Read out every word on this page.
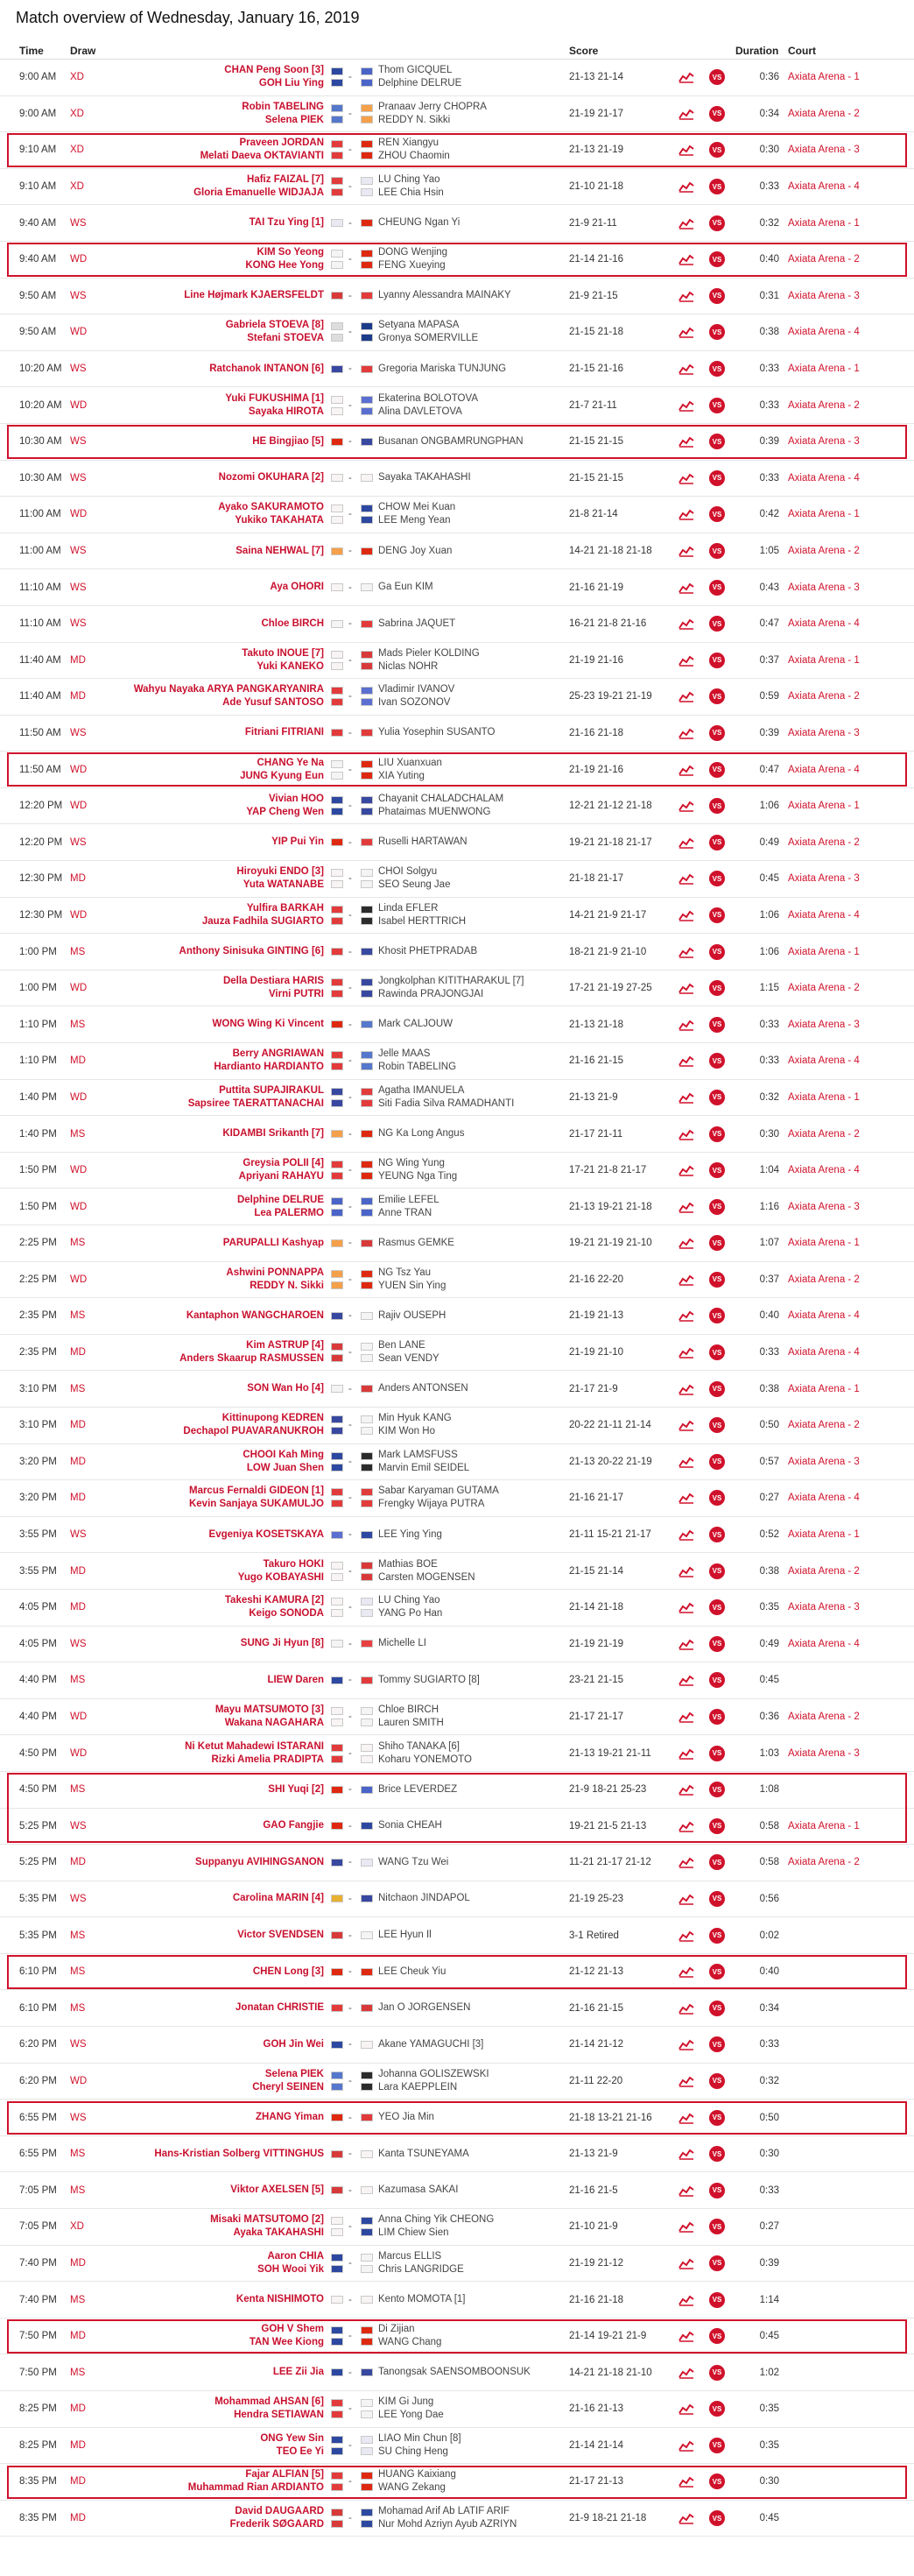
Match overview of Wednesday, January 16, 2019
Time	Draw	Score	Duration Court
9:00 AM XD
CHAN Peng Soon [3]
GOH Liu Ying
-
Thom GICQUEL
Delphine DELRUE
21-13 21-14	VS	0:36 Axiata Arena - 1
9:00 AM XD
Robin TABELING
Selena PIEK
-
Pranaav Jerry CHOPRA
REDDY N. Sikki
21-19 21-17	VS	0:34 Axiata Arena - 2
9:10 AM XD
Praveen JORDAN
Melati Daeva OKTAVIANTI
-
REN Xiangyu
ZHOU Chaomin
21-13 21-19	VS	0:30 Axiata Arena - 3
9:10 AM XD
Hafiz FAIZAL [7]
Gloria Emanuelle WIDJAJA
-
LU Ching Yao
LEE Chia Hsin
21-10 21-18	VS	0:33 Axiata Arena - 4
9:40 AM WS	TAI Tzu Ying [1] -	CHEUNG Ngan Yi	21-9 21-11	VS	0:32 Axiata Arena - 1
9:40 AM WD
KIM So Yeong
KONG Hee Yong
-
DONG Wenjing
FENG Xueying
21-14 21-16	VS	0:40 Axiata Arena - 2
9:50 AM WS	Line Højmark KJAERSFELDT -	Lyanny Alessandra MAINAKY	21-9 21-15	VS	0:31 Axiata Arena - 3
9:50 AM WD
Gabriela STOEVA [8]
Stefani STOEVA
-
Setyana MAPASA
Gronya SOMERVILLE
21-15 21-18	VS	0:38 Axiata Arena - 4
10:20 AM WS	Ratchanok INTANON [6] -	Gregoria Mariska TUNJUNG	21-15 21-16	VS	0:33 Axiata Arena - 1
10:20 AM WD
Yuki FUKUSHIMA [1]
Sayaka HIROTA
-
Ekaterina BOLOTOVA
Alina DAVLETOVA
21-7 21-11	VS	0:33 Axiata Arena - 2
10:30 AM WS	HE Bingjiao [5] -	Busanan ONGBAMRUNGPHAN	21-15 21-15	VS	0:39 Axiata Arena - 3
10:30 AM WS	Nozomi OKUHARA [2] -	Sayaka TAKAHASHI	21-15 21-15	VS	0:33 Axiata Arena - 4
11:00 AM WD
Ayako SAKURAMOTO
Yukiko TAKAHATA
-
CHOW Mei Kuan
LEE Meng Yean
21-8 21-14	VS	0:42 Axiata Arena - 1
11:00 AM WS	Saina NEHWAL [7] -	DENG Joy Xuan	14-21 21-18 21-18	VS	1:05 Axiata Arena - 2
11:10 AM WS	Aya OHORI -	Ga Eun KIM	21-16 21-19	VS	0:43 Axiata Arena - 3
11:10 AM WS	Chloe BIRCH -	Sabrina JAQUET	16-21 21-8 21-16	VS	0:47 Axiata Arena - 4
11:40 AM MD
Takuto INOUE [7]
Yuki KANEKO
-
Mads Pieler KOLDING
Niclas NOHR
21-19 21-16	VS	0:37 Axiata Arena - 1
11:40 AM MD
Wahyu Nayaka ARYA PANGKARYANIRA
Ade Yusuf SANTOSO
-
Vladimir IVANOV
Ivan SOZONOV
25-23 19-21 21-19	VS	0:59 Axiata Arena - 2
11:50 AM WS	Fitriani FITRIANI -	Yulia Yosephin SUSANTO	21-16 21-18	VS	0:39 Axiata Arena - 3
11:50 AM WD
CHANG Ye Na
JUNG Kyung Eun
-
LIU Xuanxuan
XIA Yuting
21-19 21-16	VS	0:47 Axiata Arena - 4
12:20 PM WD
Vivian HOO
YAP Cheng Wen
-
Chayanit CHALADCHALAM
Phataimas MUENWONG
12-21 21-12 21-18	VS	1:06 Axiata Arena - 1
12:20 PM WS	YIP Pui Yin -	Ruselli HARTAWAN	19-21 21-18 21-17	VS	0:49 Axiata Arena - 2
12:30 PM MD
Hiroyuki ENDO [3]
Yuta WATANABE
-
CHOI Solgyu
SEO Seung Jae
21-18 21-17	VS	0:45 Axiata Arena - 3
12:30 PM WD
Yulfira BARKAH
Jauza Fadhila SUGIARTO
-
Linda EFLER
Isabel HERTTRICH
14-21 21-9 21-17	VS	1:06 Axiata Arena - 4
1:00 PM MS	Anthony Sinisuka GINTING [6] -	Khosit PHETPRADAB	18-21 21-9 21-10	VS	1:06 Axiata Arena - 1
1:00 PM WD
Della Destiara HARIS
Virni PUTRI
-
Jongkolphan KITITHARAKUL [7]
Rawinda PRAJONGJAI
17-21 21-19 27-25	VS	1:15 Axiata Arena - 2
1:10 PM MS	WONG Wing Ki Vincent -	Mark CALJOUW	21-13 21-18	VS	0:33 Axiata Arena - 3
1:10 PM MD
Berry ANGRIAWAN
Hardianto HARDIANTO
-
Jelle MAAS
Robin TABELING
21-16 21-15	VS	0:33 Axiata Arena - 4
1:40 PM WD
Puttita SUPAJIRAKUL
Sapsiree TAERATTANACHAI
-
Agatha IMANUELA
Siti Fadia Silva RAMADHANTI
21-13 21-9	VS	0:32 Axiata Arena - 1
1:40 PM MS	KIDAMBI Srikanth [7] -	NG Ka Long Angus	21-17 21-11	VS	0:30 Axiata Arena - 2
1:50 PM WD
Greysia POLII [4]
Apriyani RAHAYU
-
NG Wing Yung
YEUNG Nga Ting
17-21 21-8 21-17	VS	1:04 Axiata Arena - 4
1:50 PM WD
Delphine DELRUE
Lea PALERMO
-
Emilie LEFEL
Anne TRAN
21-13 19-21 21-18	VS	1:16 Axiata Arena - 3
2:25 PM MS	PARUPALLI Kashyap -	Rasmus GEMKE	19-21 21-19 21-10	VS	1:07 Axiata Arena - 1
2:25 PM WD
Ashwini PONNAPPA
REDDY N. Sikki
-
NG Tsz Yau
YUEN Sin Ying
21-16 22-20	VS	0:37 Axiata Arena - 2
2:35 PM MS	Kantaphon WANGCHAROEN -	Rajiv OUSEPH	21-19 21-13	VS	0:40 Axiata Arena - 4
2:35 PM MD
Kim ASTRUP [4]
Anders Skaarup RASMUSSEN
-
Ben LANE
Sean VENDY
21-19 21-10	VS	0:33 Axiata Arena - 4
3:10 PM MS	SON Wan Ho [4] -	Anders ANTONSEN	21-17 21-9	VS	0:38 Axiata Arena - 1
3:10 PM MD
Kittinupong KEDREN
Dechapol PUAVARANUKROH
-
Min Hyuk KANG
KIM Won Ho
20-22 21-11 21-14	VS	0:50 Axiata Arena - 2
3:20 PM MD
CHOOI Kah Ming
LOW Juan Shen
-
Mark LAMSFUSS
Marvin Emil SEIDEL
21-13 20-22 21-19	VS	0:57 Axiata Arena - 3
3:20 PM MD
Marcus Fernaldi GIDEON [1]
Kevin Sanjaya SUKAMULJO
-
Sabar Karyaman GUTAMA
Frengky Wijaya PUTRA
21-16 21-17	VS	0:27 Axiata Arena - 4
3:55 PM WS	Evgeniya KOSETSKAYA -	LEE Ying Ying	21-11 15-21 21-17	VS	0:52 Axiata Arena - 1
3:55 PM MD
Takuro HOKI
Yugo KOBAYASHI
-
Mathias BOE
Carsten MOGENSEN
21-15 21-14	VS	0:38 Axiata Arena - 2
4:05 PM MD
Takeshi KAMURA [2]
Keigo SONODA
-
LU Ching Yao
YANG Po Han
21-14 21-18	VS	0:35 Axiata Arena - 3
4:05 PM WS	SUNG Ji Hyun [8] -	Michelle LI	21-19 21-19	VS	0:49 Axiata Arena - 4
4:40 PM MS	LIEW Daren -	Tommy SUGIARTO [8]	23-21 21-15	VS	0:45
4:40 PM WD
Mayu MATSUMOTO [3]
Wakana NAGAHARA
-
Chloe BIRCH
Lauren SMITH
21-17 21-17	VS	0:36 Axiata Arena - 2
4:50 PM WD
Ni Ketut Mahadewi ISTARANI
Rizki Amelia PRADIPTA
-
Shiho TANAKA [6]
Koharu YONEMOTO
21-13 19-21 21-11	VS	1:03 Axiata Arena - 3
4:50 PM MS	SHI Yuqi [2] -	Brice LEVERDEZ	21-9 18-21 25-23	VS	1:08
5:25 PM WS	GAO Fangjie -	Sonia CHEAH	19-21 21-5 21-13	VS	0:58 Axiata Arena - 1
5:25 PM MD	Suppanyu AVIHINGSANON -	WANG Tzu Wei	11-21 21-17 21-12	VS	0:58 Axiata Arena - 2
5:35 PM WS	Carolina MARIN [4] -	Nitchaon JINDAPOL	21-19 25-23	VS	0:56
5:35 PM MS	Victor SVENDSEN -	LEE Hyun Il	3-1 Retired	VS	0:02
6:10 PM MS	CHEN Long [3] -	LEE Cheuk Yiu	21-12 21-13	VS	0:40
6:10 PM MS	Jonatan CHRISTIE -	Jan O JORGENSEN	21-16 21-15	VS	0:34
6:20 PM WS	GOH Jin Wei -	Akane YAMAGUCHI [3]	21-14 21-12	VS	0:33
6:20 PM WD
Selena PIEK
Cheryl SEINEN
-
Johanna GOLISZEWSKI
Lara KAEPPLEIN
21-11 22-20	VS	0:32
6:55 PM WS	ZHANG Yiman -	YEO Jia Min	21-18 13-21 21-16	VS	0:50
6:55 PM MS	Hans-Kristian Solberg VITTINGHUS -	Kanta TSUNEYAMA	21-13 21-9	VS	0:30
7:05 PM MS	Viktor AXELSEN [5] -	Kazumasa SAKAI	21-16 21-5	VS	0:33
7:05 PM XD
Misaki MATSUTOMO [2]
Ayaka TAKAHASHI
-
Anna Ching Yik CHEONG
LIM Chiew Sien
21-10 21-9	VS	0:27
7:40 PM MD
Aaron CHIA
SOH Wooi Yik
-
Marcus ELLIS
Chris LANGRIDGE
21-19 21-12	VS	0:39
7:40 PM MS	Kenta NISHIMOTO -	Kento MOMOTA [1]	21-16 21-18	VS	1:14
7:50 PM MD
GOH V Shem
TAN Wee Kiong
-
Di Zijian
WANG Chang
21-14 19-21 21-9	VS	0:45
7:50 PM MS	LEE Zii Jia -	Tanongsak SAENSOMBOONSUK	14-21 21-18 21-10	VS	1:02
8:25 PM MD
Mohammad AHSAN [6]
Hendra SETIAWAN
-
KIM Gi Jung
LEE Yong Dae
21-16 21-13	VS	0:35
8:25 PM MD
ONG Yew Sin
TEO Ee Yi
-
LIAO Min Chun [8]
SU Ching Heng
21-14 21-14	VS	0:35
8:35 PM MD
Fajar ALFIAN [5]
Muhammad Rian ARDIANTO
-
HUANG Kaixiang
WANG Zekang
21-17 21-13	VS	0:30
8:35 PM MD
David DAUGAARD
Frederik SØGAARD
-
Mohamad Arif Ab LATIF ARIF
Nur Mohd Azriyn Ayub AZRIYN
21-9 18-21 21-18	VS	0:45
